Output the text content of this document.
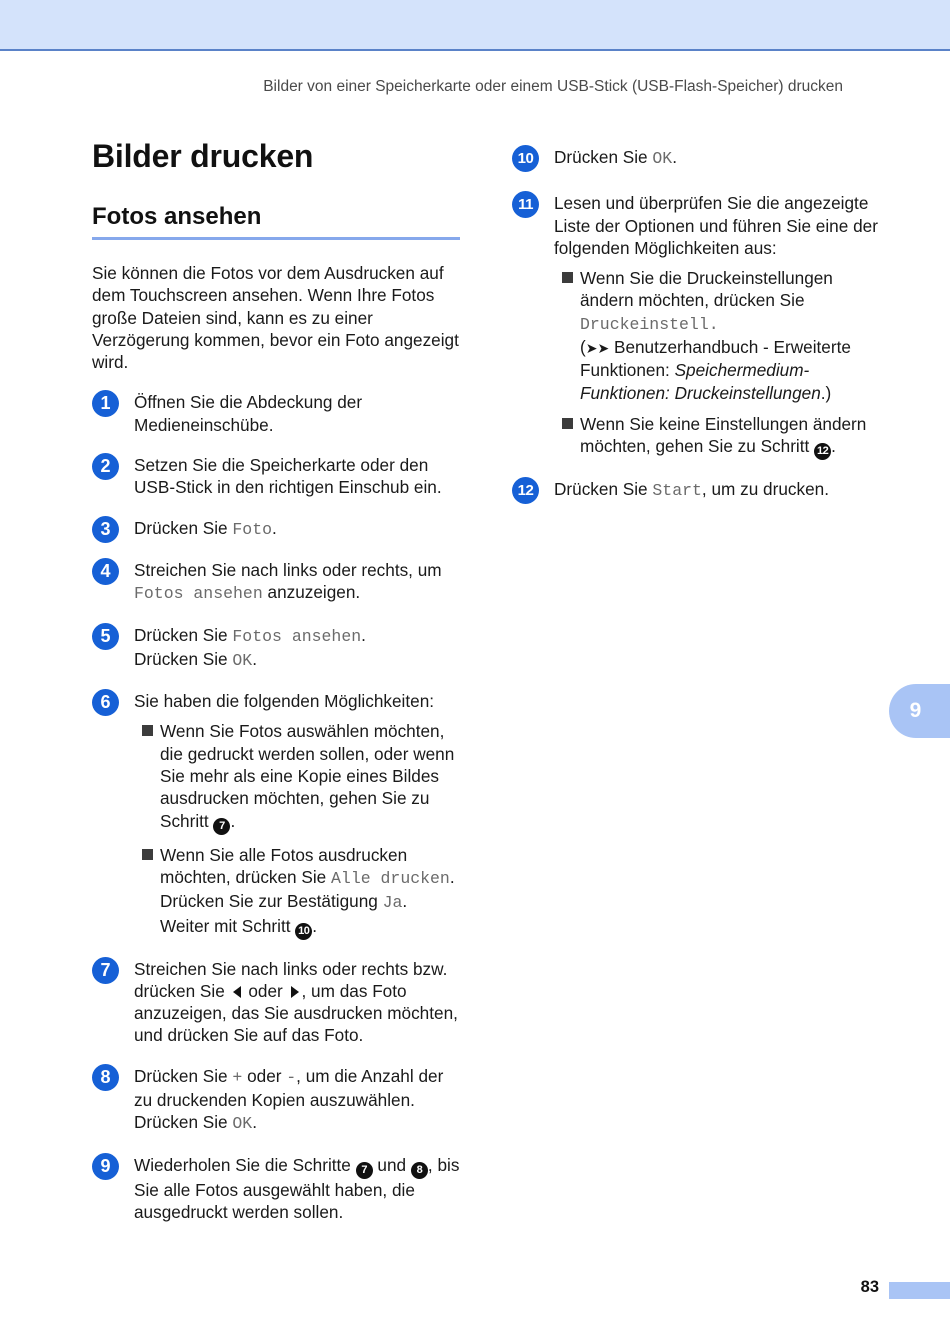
Bilder von einer Speicherkarte oder einem USB-Stick (USB-Flash-Speicher) drucken
Bilder drucken
Fotos ansehen

Sie können die Fotos vor dem Ausdrucken auf dem Touchscreen ansehen. Wenn Ihre Fotos große Dateien sind, kann es zu einer Verzögerung kommen, bevor ein Foto angezeigt wird.

1	Öffnen Sie die Abdeckung der Medieneinschübe.

2	Setzen Sie die Speicherkarte oder den USB-Stick in den richtigen Einschub ein.

3	Drücken Sie Foto.

4	Streichen Sie nach links oder rechts, um Fotos ansehen anzuzeigen.

5	Drücken Sie Fotos ansehen.
Drücken Sie OK.

6	Sie haben die folgenden Möglichkeiten:

Wenn Sie Fotos auswählen möchten, die gedruckt werden sollen, oder wenn Sie mehr als eine Kopie eines Bildes ausdrucken möchten, gehen Sie zu Schritt 7 .

Wenn Sie alle Fotos ausdrucken möchten, drücken Sie Alle drucken. Drücken Sie zur Bestätigung Ja. Weiter mit Schritt 10 .

7	Streichen Sie nach links oder rechts bzw. drücken Sie  oder , um das Foto anzuzeigen, das Sie ausdrucken möchten, und drücken Sie auf das Foto.

8	Drücken Sie + oder -, um die Anzahl der zu druckenden Kopien auszuwählen.
Drücken Sie OK.

9	Wiederholen Sie die Schritte 7 und 8 , bis Sie alle Fotos ausgewählt haben, die ausgedruckt werden sollen.

10	Drücken Sie OK.

11	Lesen und überprüfen Sie die angezeigte Liste der Optionen und führen Sie eine der folgenden Möglichkeiten aus:

Wenn Sie die Druckeinstellungen ändern möchten, drücken Sie Druckeinstell.
(➤➤ Benutzerhandbuch - Erweiterte Funktionen: Speichermedium-Funktionen: Druckeinstellungen.)

Wenn Sie keine Einstellungen ändern möchten, gehen Sie zu Schritt 12 .

12	Drücken Sie Start, um zu drucken.

9
83
